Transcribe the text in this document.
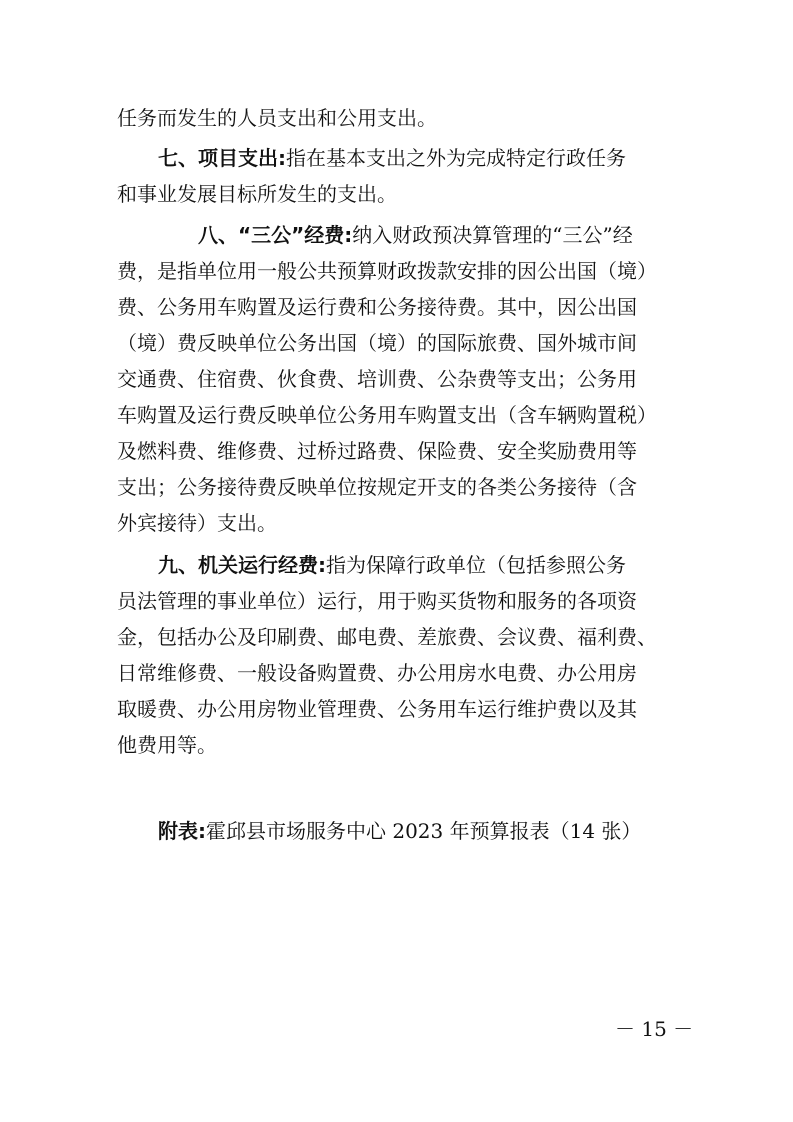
任务而发生的人员支出和公用支出。
七、项目支出:指在基本支出之外为完成特定行政任务
和事业发展目标所发生的支出。
八、“三公”经费:纳入财政预决算管理的“三公”经
费，是指单位用一般公共预算财政拨款安排的因公出国（境）
费、公务用车购置及运行费和公务接待费。其中，因公出国
（境）费反映单位公务出国（境）的国际旅费、国外城市间
交通费、住宿费、伙食费、培训费、公杂费等支出；公务用
车购置及运行费反映单位公务用车购置支出（含车辆购置税）
及燃料费、维修费、过桥过路费、保险费、安全奖励费用等
支出；公务接待费反映单位按规定开支的各类公务接待（含
外宾接待）支出。
九、机关运行经费:指为保障行政单位（包括参照公务
员法管理的事业单位）运行，用于购买货物和服务的各项资
金，包括办公及印刷费、邮电费、差旅费、会议费、福利费、
日常维修费、一般设备购置费、办公用房水电费、办公用房
取暖费、办公用房物业管理费、公务用车运行维护费以及其
他费用等。
附表:霍邱县市场服务中心 2023 年预算报表（14 张）
－ 15 －
